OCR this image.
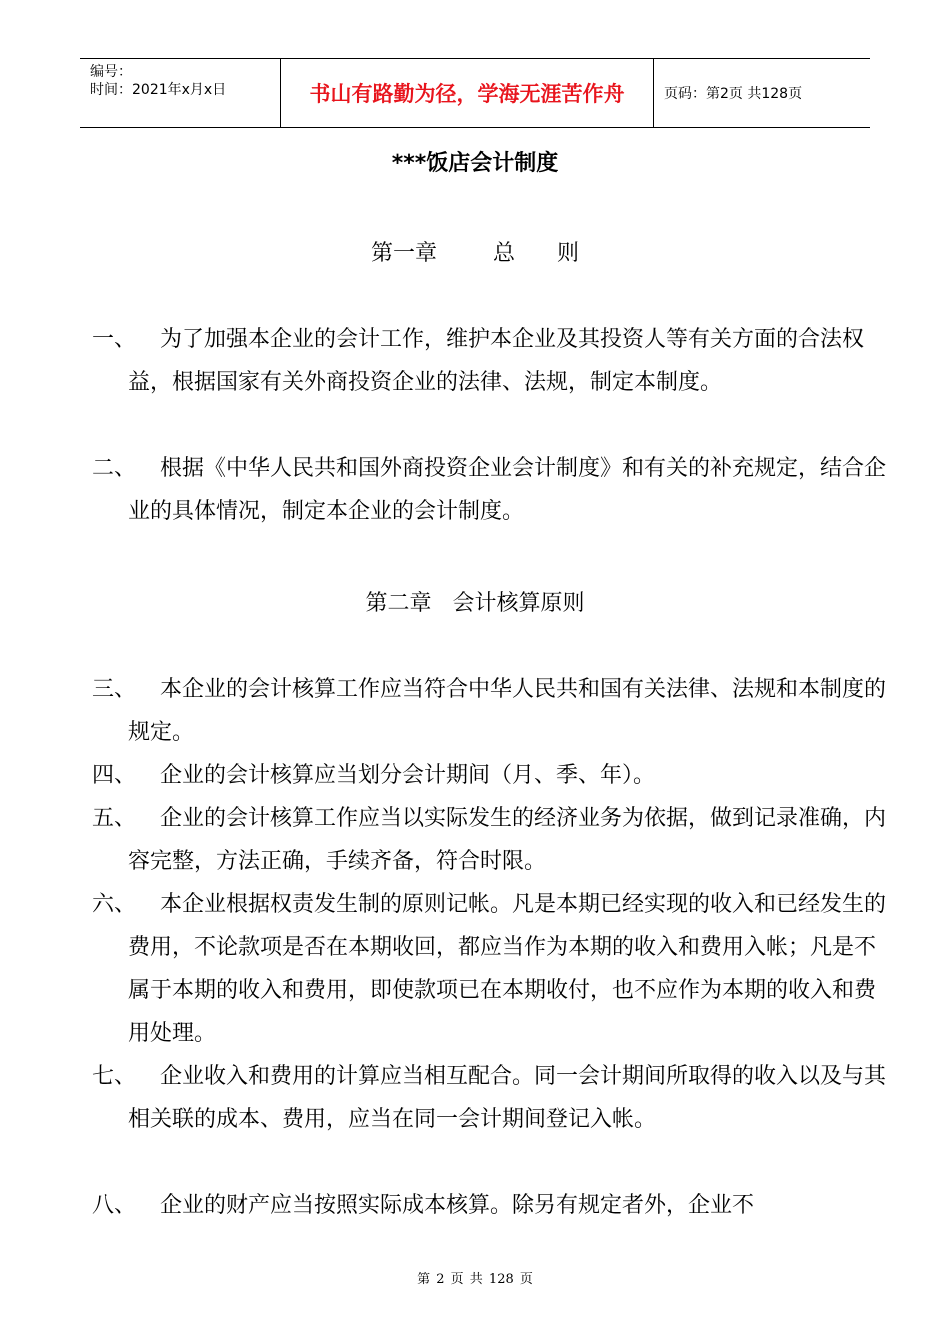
编号：
时间：2021年x月x日	书山有路勤为径，学海无涯苦作舟	页码：第2页 共128页
***饭店会计制度
第一章        总      则
一、 为了加强本企业的会计工作，维护本企业及其投资人等有关方面的合法权益，根据国家有关外商投资企业的法律、法规，制定本制度。
二、 根据《中华人民共和国外商投资企业会计制度》和有关的补充规定，结合企业的具体情况，制定本企业的会计制度。
第二章   会计核算原则
三、 本企业的会计核算工作应当符合中华人民共和国有关法律、法规和本制度的规定。
四、 企业的会计核算应当划分会计期间（月、季、年）。
五、 企业的会计核算工作应当以实际发生的经济业务为依据，做到记录准确，内容完整，方法正确，手续齐备，符合时限。
六、 本企业根据权责发生制的原则记帐。凡是本期已经实现的收入和已经发生的费用，不论款项是否在本期收回，都应当作为本期的收入和费用入帐；凡是不属于本期的收入和费用，即使款项已在本期收付，也不应作为本期的收入和费用处理。
七、 企业收入和费用的计算应当相互配合。同一会计期间所取得的收入以及与其相关联的成本、费用，应当在同一会计期间登记入帐。
八、 企业的财产应当按照实际成本核算。除另有规定者外，企业不
第 2 页 共 128 页
